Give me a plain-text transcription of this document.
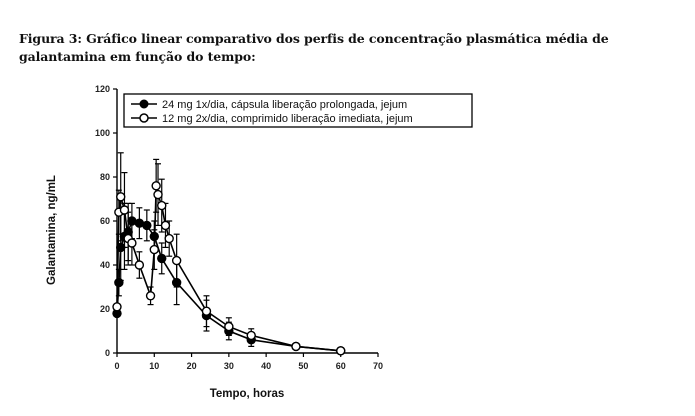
Figura 3: Gráfico linear comparativo dos perfis de concentração plasmática média de galantamina em função do tempo:
0
20
40
60
80
100
120
0	10	20	30	40	50	60	70
24 mg 1x/dia, cápsula liberação prolongada, jejum
12 mg 2x/dia, comprimido liberação imediata, jejum
Tempo, horas
Galantamina, ng/mL
